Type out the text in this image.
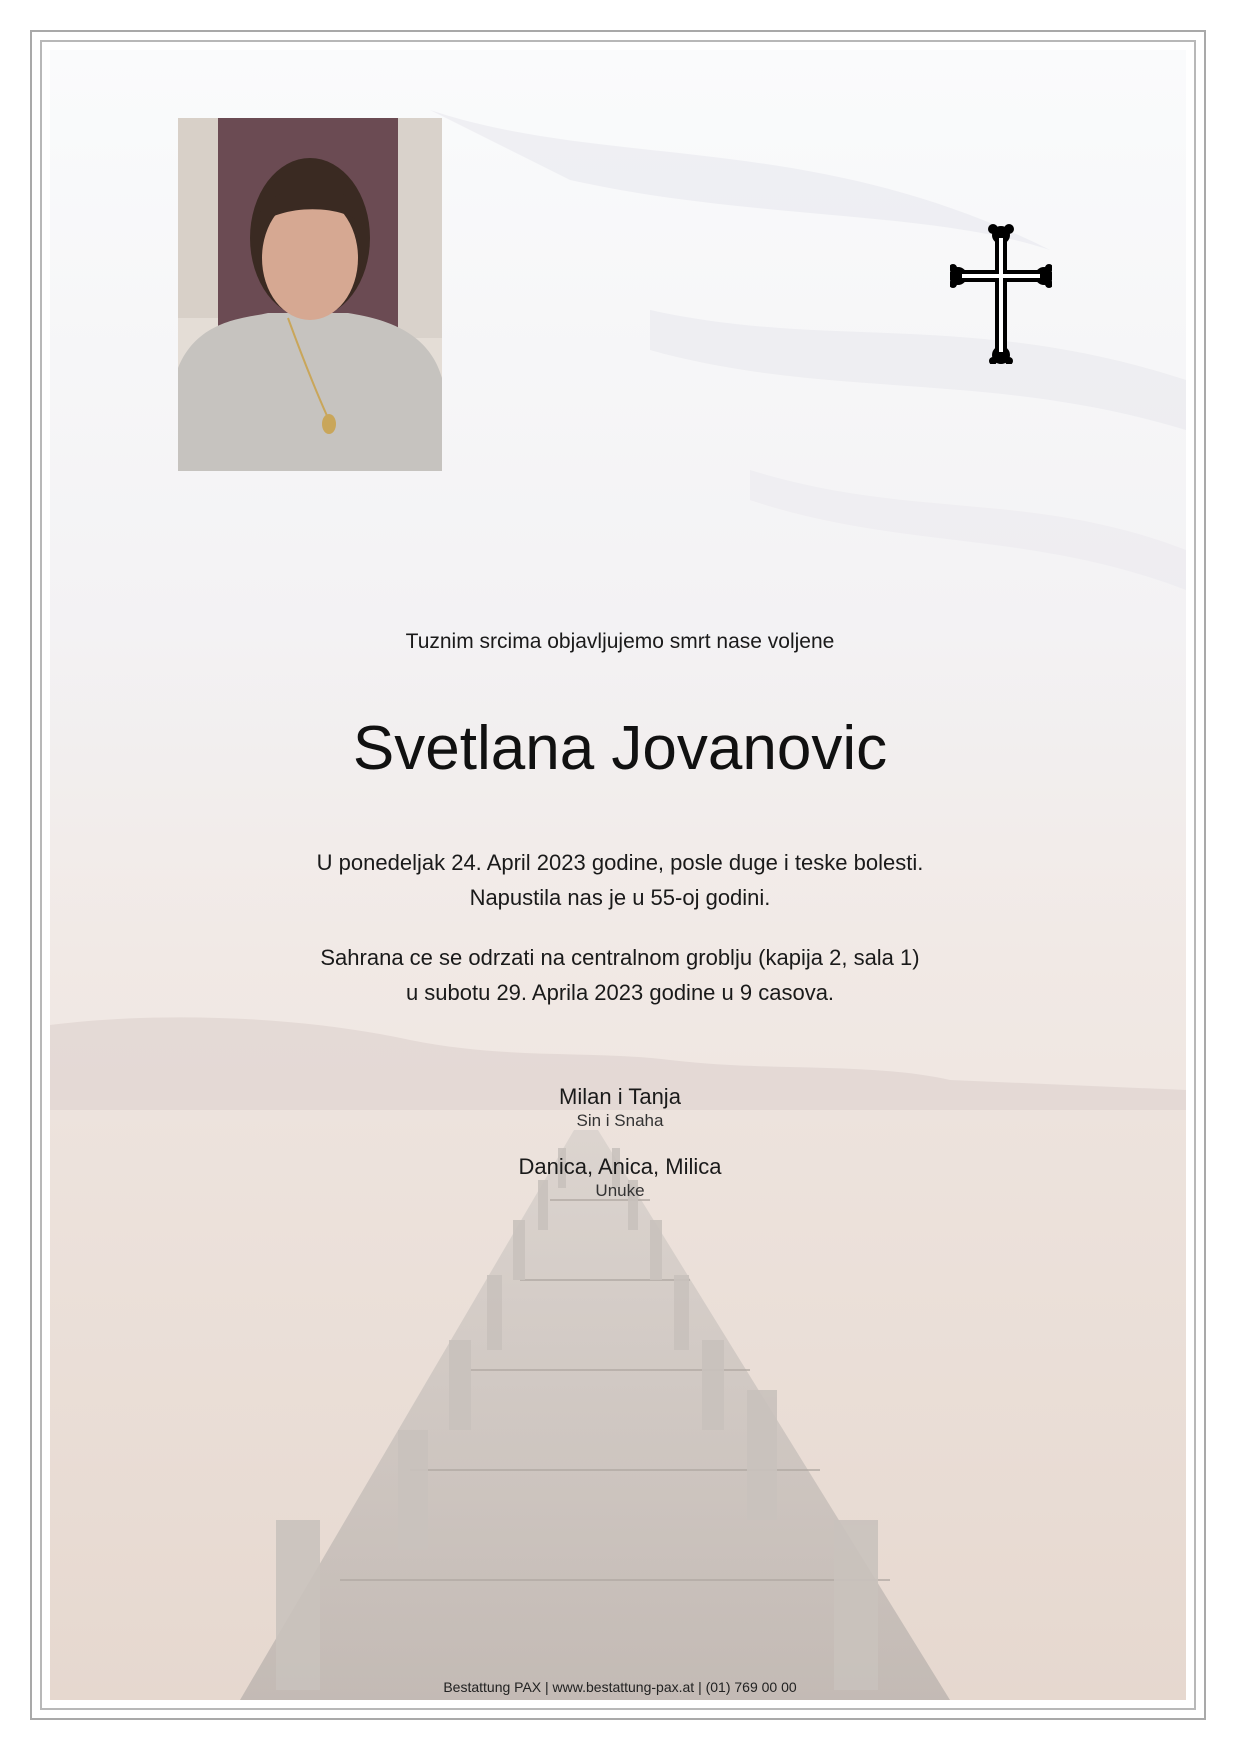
Tuznim srcima objavljujemo smrt nase voljene
Svetlana Jovanovic
U ponedeljak 24. April 2023 godine, posle duge i teske bolesti.
Napustila nas je u 55-oj godini.
Sahrana ce se odrzati na centralnom groblju (kapija 2, sala 1)
u subotu 29. Aprila 2023 godine u 9 casova.
Milan i Tanja
Sin i Snaha
Danica, Anica, Milica
Unuke
Bestattung PAX | www.bestattung-pax.at | (01) 769 00 00
